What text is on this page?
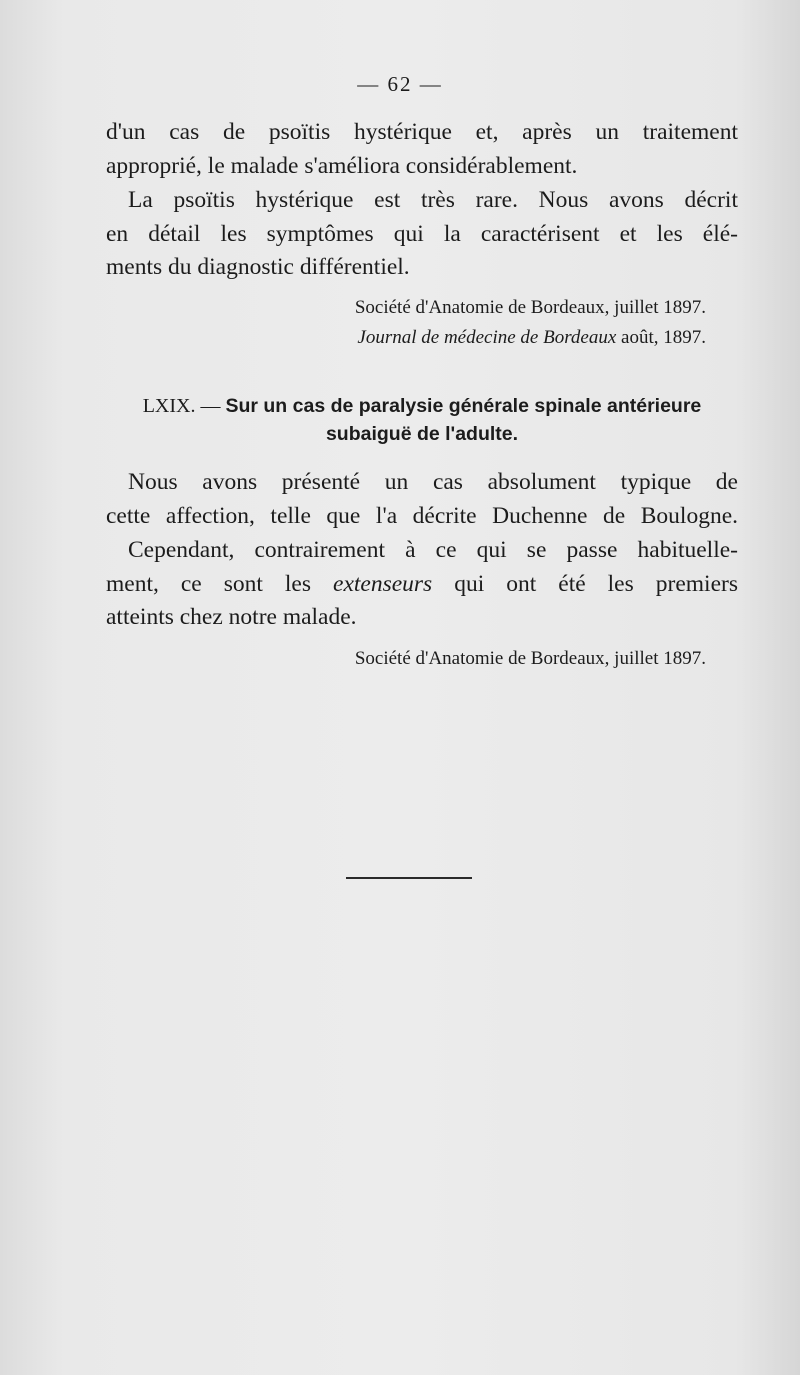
— 62 —
d'un cas de psoïtis hystérique et, après un traitement
approprié, le malade s'améliora considérablement.
La psoïtis hystérique est très rare. Nous avons décrit
en détail les symptômes qui la caractérisent et les élé-
ments du diagnostic différentiel.
Société d'Anatomie de Bordeaux, juillet 1897.
Journal de médecine de Bordeaux août, 1897.
LXIX. — Sur un cas de paralysie générale spinale antérieure
subaiguë de l'adulte.
Nous avons présenté un cas absolument typique de
cette affection, telle que l'a décrite Duchenne de Boulogne.
Cependant, contrairement à ce qui se passe habituelle-
ment, ce sont les extenseurs qui ont été les premiers
atteints chez notre malade.
Société d'Anatomie de Bordeaux, juillet 1897.
